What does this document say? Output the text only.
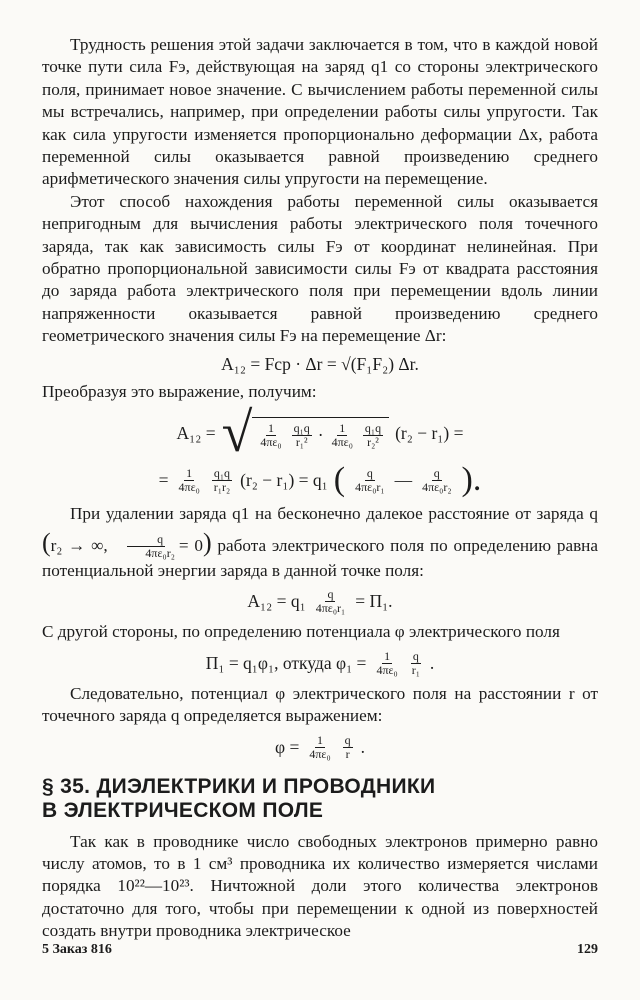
Трудность решения этой задачи заключается в том, что в каждой новой точке пути сила Fэ, действующая на заряд q1 со стороны электрического поля, принимает новое значение. С вычислением работы переменной силы мы встречались, например, при определении работы силы упругости. Так как сила упругости изменяется пропорционально деформации Δx, работа переменной силы оказывается равной произведению среднего арифметического значения силы упругости на перемещение.

Этот способ нахождения работы переменной силы оказывается непригодным для вычисления работы электрического поля точечного заряда, так как зависимость силы Fэ от координат нелинейная. При обратно пропорциональной зависимости силы Fэ от квадрата расстояния до заряда работа электрического поля при перемещении вдоль линии напряженности оказывается равной произведению среднего геометрического значения силы Fэ на перемещение Δr:

A₁₂ = Fср · Δr = √(F₁F₂) Δr.

Преобразуя это выражение, получим:

A₁₂ = √ $\frac{1}{\text{4πε₀}} \frac{\text{q₁q}}{\text{r₁²}} \cdot \frac{1}{\text{4πε₀}} \frac{\text{q₁q}}{\text{r₂²}} (r_2 - r_1)$ =
= $\frac{1}{\text{4πε₀}} \frac{\text{q₁q}}{\text{r₁r₂}} (r_2 - r_1) = q_1$ ( $\frac{q}{\text{4πε₀r₁}}$ — $\frac{q}{\text{4πε₀r₂}}$ ).

При удалении заряда q1 на бесконечно далекое расстояние от заряда q (r₂ → ∞, $\frac{q}{\text{4πε₀r₂}} = 0$) работа электрического поля по определению равна потенциальной энергии заряда в данной точке поля:

$A_{12} = q_1 \frac{q}{\text{4πε₀r₁}} = П_1$.

С другой стороны, по определению потенциала φ электрического поля

П₁ = q₁φ₁, откуда $\varphi_1 = \frac{1}{\text{4πε₀}} \frac{q}{\text{r₁}}$ .

Следовательно, потенциал φ электрического поля на расстоянии r от точечного заряда q определяется выражением:

$\varphi = \frac{1}{\text{4πε₀}} \frac{q}{r}$ .
§ 35. ДИЭЛЕКТРИКИ И ПРОВОДНИКИ
В ЭЛЕКТРИЧЕСКОМ ПОЛЕ

Так как в проводнике число свободных электронов примерно равно числу атомов, то в 1 см³ проводника их количество измеряется числами порядка 10²²—10²³. Ничтожной доли этого количества электронов достаточно для того, чтобы при перемещении к одной из поверхностей создать внутри проводника электрическое

5 Заказ 816	129
